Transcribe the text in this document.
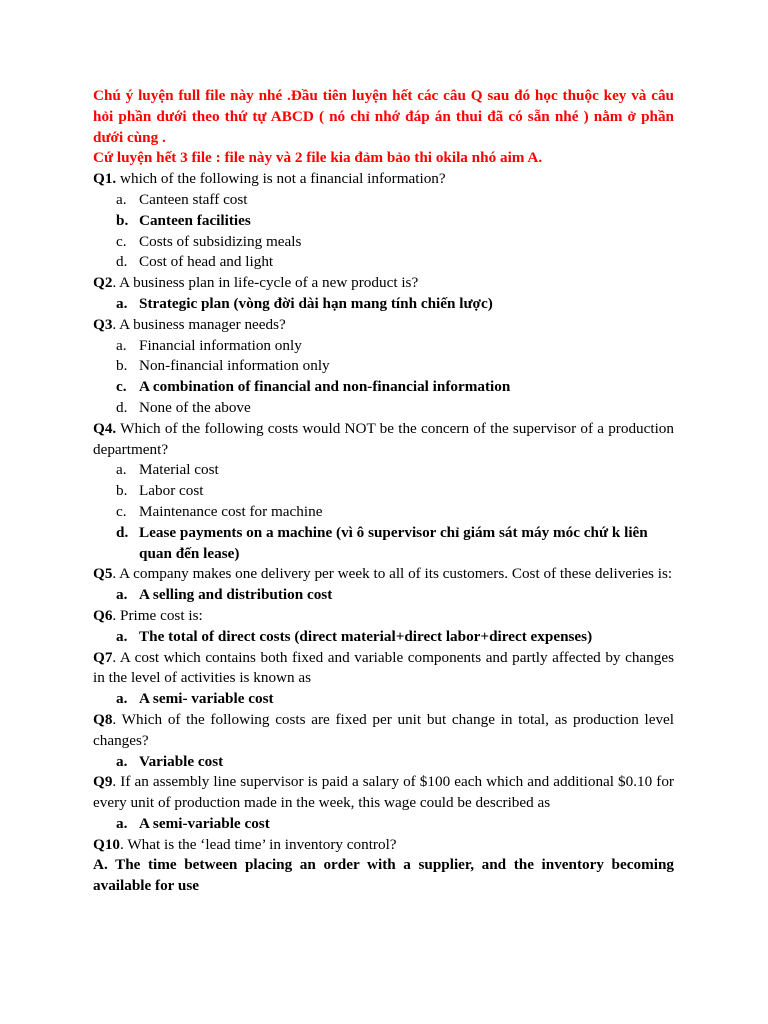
Chú ý luyện full file này nhé .Đầu tiên luyện hết các câu Q sau đó học thuộc key và câu hỏi phần dưới theo thứ tự ABCD ( nó chỉ nhớ đáp án thui đã có sẵn nhé ) nằm ở phần dưới cùng .
Cứ luyện hết 3 file : file này và 2 file kia đảm bảo thi okila nhó aim A.
Q1. which of the following is not a financial information?
a. Canteen staff cost
b. Canteen facilities
c. Costs of subsidizing meals
d. Cost of head and light
Q2. A business plan in life-cycle of a new product is?
a. Strategic plan (vòng đời dài hạn mang tính chiến lược)
Q3. A business manager needs?
a. Financial information only
b. Non-financial information only
c. A combination of financial and non-financial information
d. None of the above
Q4. Which of the following costs would NOT be the concern of the supervisor of a production department?
a. Material cost
b. Labor cost
c. Maintenance cost for machine
d. Lease payments on a machine (vì ô supervisor chỉ giám sát máy móc chứ k liên quan đến lease)
Q5. A company makes one delivery per week to all of its customers. Cost of these deliveries is:
a. A selling and distribution cost
Q6. Prime cost is:
a. The total of direct costs (direct material+direct labor+direct expenses)
Q7. A cost which contains both fixed and variable components and partly affected by changes in the level of activities is known as
a. A semi- variable cost
Q8. Which of the following costs are fixed per unit but change in total, as production level changes?
a. Variable cost
Q9. If an assembly line supervisor is paid a salary of $100 each which and additional $0.10 for every unit of production made in the week, this wage could be described as
a. A semi-variable cost
Q10. What is the ‘lead time’ in inventory control?
A. The time between placing an order with a supplier, and the inventory becoming available for use
